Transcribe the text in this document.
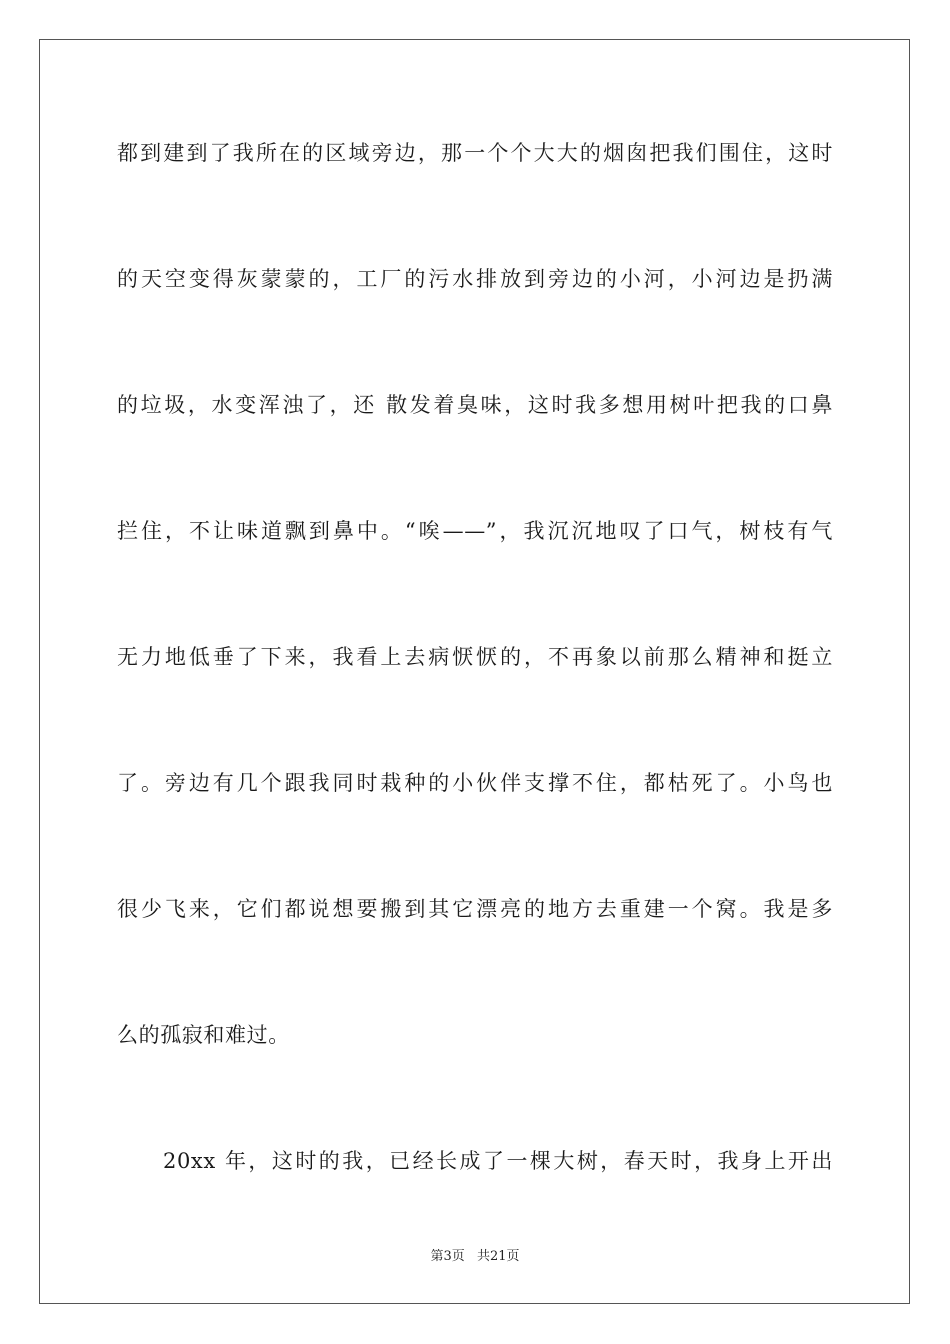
都到建到了我所在的区域旁边，那一个个大大的烟囱把我们围住，这时
的天空变得灰蒙蒙的，工厂的污水排放到旁边的小河，小河边是扔满
的垃圾，水变浑浊了，还 散发着臭味，这时我多想用树叶把我的口鼻
拦住，不让味道飘到鼻中。“唉——”，我沉沉地叹了口气，树枝有气
无力地低垂了下来，我看上去病恹恹的，不再象以前那么精神和挺立
了。旁边有几个跟我同时栽种的小伙伴支撑不住，都枯死了。小鸟也
很少飞来，它们都说想要搬到其它漂亮的地方去重建一个窝。我是多
么的孤寂和难过。
20xx 年，这时的我，已经长成了一棵大树，春天时，我身上开出
第3页 共21页
